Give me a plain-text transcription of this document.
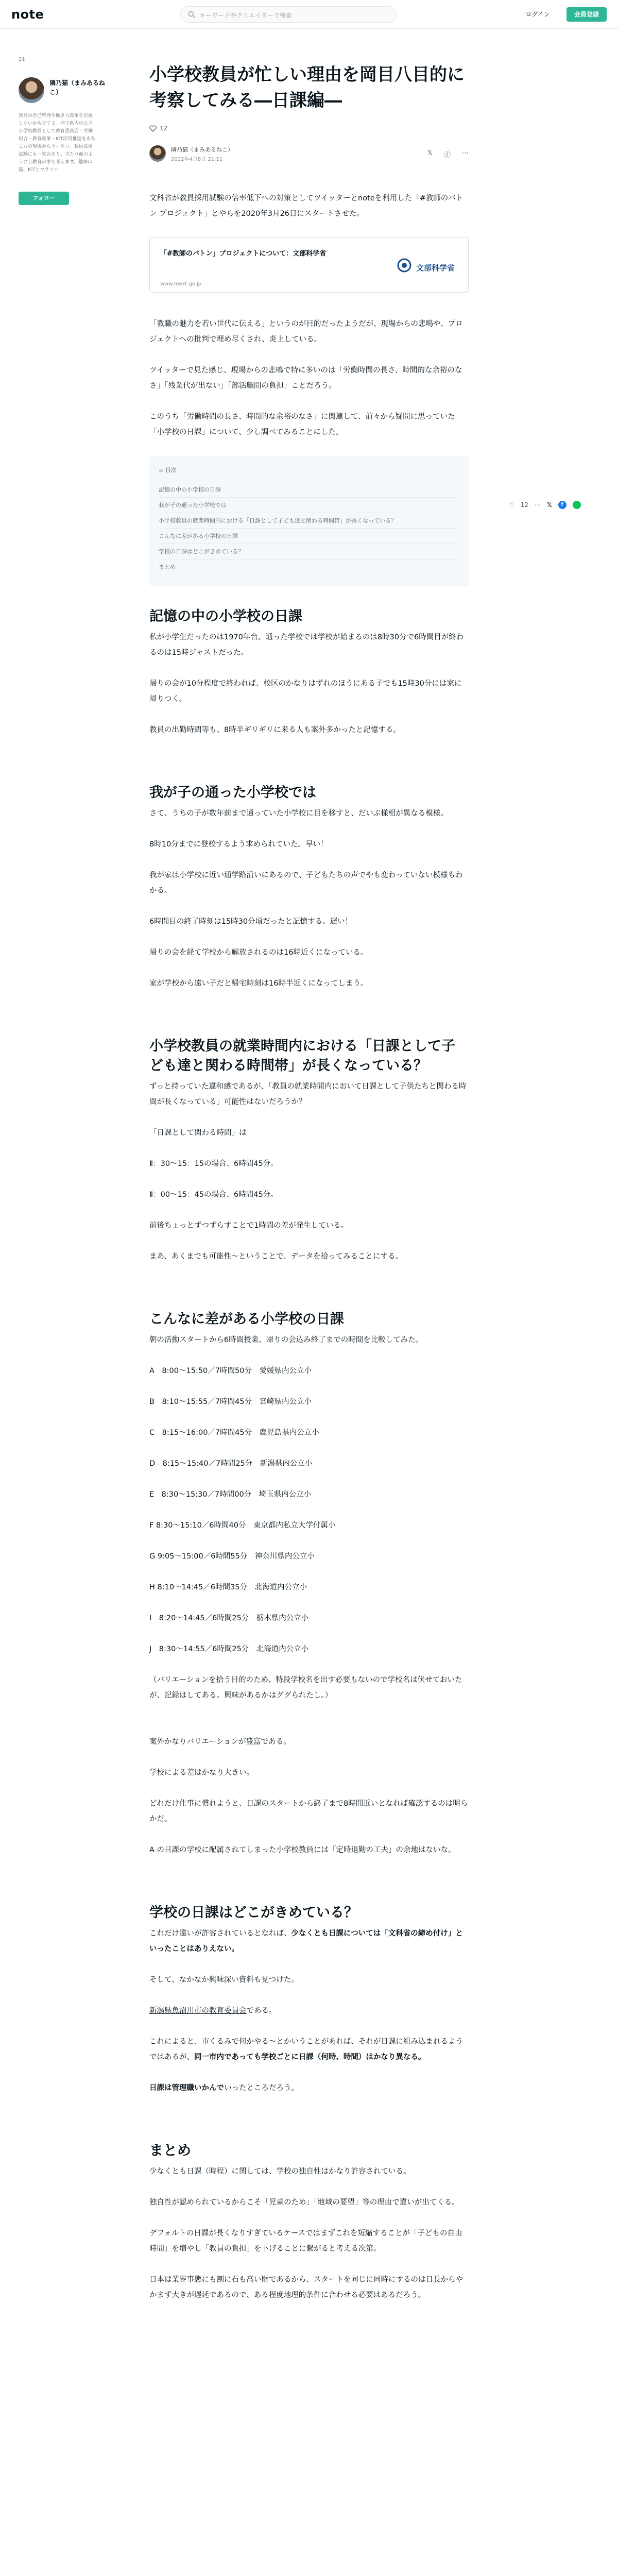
note	キーワードやクリエイターで検索	ログイン	会員登録
21
隣乃猫（まみあるねこ）
教員の自己啓発や働き方改革を応援したいかもですよ。埼玉県内の公立小学校教員として教育委員会・労働組合・教育産業・ICT活用推進をあちこちの現場からウロウロ。教員採用試験にも一家言あり。当たり前のように公教育の事も考えます。趣味は猫、ICTとマラソン
フォロー
小学校教員が忙しい理由を岡目八目的に考察してみる―日課編―
12
隣乃猫（まみあるねこ）
2022年4月8日 21:11
𝕏 ⓕ ⋯

文科省が教員採用試験の倍率低下への対策としてツイッターとnoteを利用した「#教師のバトン プロジェクト」とやらを2020年3月26日にスタートさせた。

「#教師のバトン」プロジェクトについて：文部科学省
www.mext.go.jp
文部科学省

「教職の魅力を若い世代に伝える」というのが目的だったようだが、現場からの悲鳴や、プロジェクトへの批判で埋め尽くされ、炎上している。

ツイッターで見た感じ、現場からの悲鳴で特に多いのは「労働時間の長さ、時間的な余裕のなさ」「残業代が出ない」「部活顧問の負担」ことだろう。

このうち「労働時間の長さ、時間的な余裕のなさ」に関連して、前々から疑問に思っていた「小学校の日課」について、少し調べてみることにした。

≡ 目次
記憶の中の小学校の日課
我が子の通った小学校では
小学校教員の就業時間内における「日課として子ども達と関わる時間帯」が長くなっている？
こんなに差がある小学校の日課
学校の日課はどこがきめている？
まとめ
記憶の中の小学校の日課

私が小学生だったのは1970年台。通った学校では学校が始まるのは8時30分で6時間目が終わるのは15時ジャストだった。

帰りの会が10分程度で終われば、校区のかなりはずれのほうにある子でも15時30分には家に帰りつく。

教員の出勤時間等も、8時半ギリギリに来る人も案外多かったと記憶する。

我が子の通った小学校では

さて、うちの子が数年前まで通っていた小学校に目を移すと、だいぶ様相が異なる模様。

8時10分までに登校するよう求められていた。早い！

我が家は小学校に近い通学路沿いにあるので、子どもたちの声でやも変わっていない模様もわかる。

6時間目の終了時刻は15時30分頃だったと記憶する。遅い！

帰りの会を経て学校から解放されるのは16時近くになっている。

家が学校から遠い子だと帰宅時刻は16時半近くになってしまう。

小学校教員の就業時間内における「日課として子ども達と関わる時間帯」が長くなっている？

ずっと持っていた違和感であるが、「教員の就業時間内において日課として子供たちと関わる時間が長くなっている」可能性はないだろうか？

「日課として関わる時間」は

Ⅱ：30〜15：15の場合、6時間45分。

Ⅱ：00〜15：45の場合、6時間45分。

前後ちょっとずつずらすことで1時間の差が発生している。

まあ、あくまでも可能性〜ということで、データを拾ってみることにする。

こんなに差がある小学校の日課

朝の活動スタートから6時間授業、帰りの会込み終了までの時間を比較してみた。

A　8:00〜15:50／7時間50分　愛媛県内公立小

B　8:10〜15:55／7時間45分　宮崎県内公立小

C　8:15〜16:00／7時間45分　鹿児島県内公立小

D　8:15〜15:40／7時間25分　新潟県内公立小

E　8:30〜15:30／7時間00分　埼玉県内公立小

F 8:30〜15:10／6時間40分　東京都内私立大学付属小

G 9:05〜15:00／6時間55分　神奈川県内公立小

H 8:10〜14:45／6時間35分　北海道内公立小

I　8:20〜14:45／6時間25分　栃木県内公立小

J　8:30〜14:55／6時間25分　北海道内公立小

（バリエーションを拾う目的のため、特段学校名を出す必要もないので学校名は伏せておいたが、記録はしてある。興味があるかはググられたし。）

案外かなりバリエーションが豊富である。

学校による差はかなり大きい。

どれだけ仕事に慣れようと、日課のスタートから終了まで8時間近いとなれば確認するのは明らかだ。

A の日課の学校に配属されてしまった小学校教員には「定時退勤の工夫」の余地はないな。

学校の日課はどこがきめている？

これだけ違いが許容されているとなれば、少なくとも日課については「文科省の締め付け」といったことはありえない。

そして、なかなか興味深い資料も見つけた。

新潟県魚沼川市の教育委員会である。

これによると、市くるみで何かやる〜とかいうことがあれば、それが日課に組み込まれるようではあるが、同一市内であっても学校ごとに日課（何時、時間）はかなり異なる。

日課は管理職いかんでいったところだろう。

まとめ

少なくとも日課（時程）に関しては、学校の独自性はかなり許容されている。

独自性が認められているからこそ「児童のため」「地域の要望」等の理由で違いが出てくる。

デフォルトの日課が長くなりすぎているケースではまずこれを短縮することが「子どもの自由時間」を増やし「教員の負担」を下げることに繋がると考える次第。

日本は業界事態にも割に石も高い財であるから、スタートを同じに同時にするのは日長からやかまず大きが遅延であるので、ある程度地理的条件に合わせる必要はあるだろう。

♡ 12 ⋯ 𝕏	f
